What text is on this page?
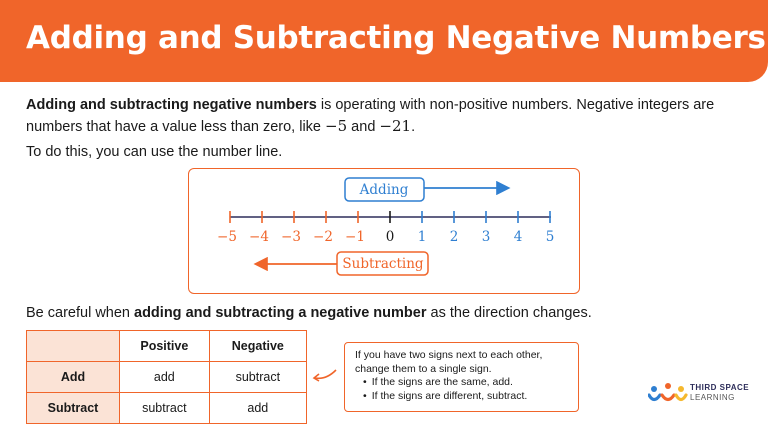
Adding and Subtracting Negative Numbers

Adding and subtracting negative numbers is operating with non-positive numbers. Negative integers are numbers that have a value less than zero, like −5 and −21.

To do this, you can use the number line.

Adding
−5 −4 −3 −2 −1 0 1 2 3 4 5
Subtracting

Be careful when adding and subtracting a negative number as the direction changes.

	Positive	Negative
Add	add	subtract
Subtract	subtract	add

If you have two signs next to each other, change them to a single sign.

• If the signs are the same, add.
• If the signs are different, subtract.
THIRD SPACE
LEARNING
